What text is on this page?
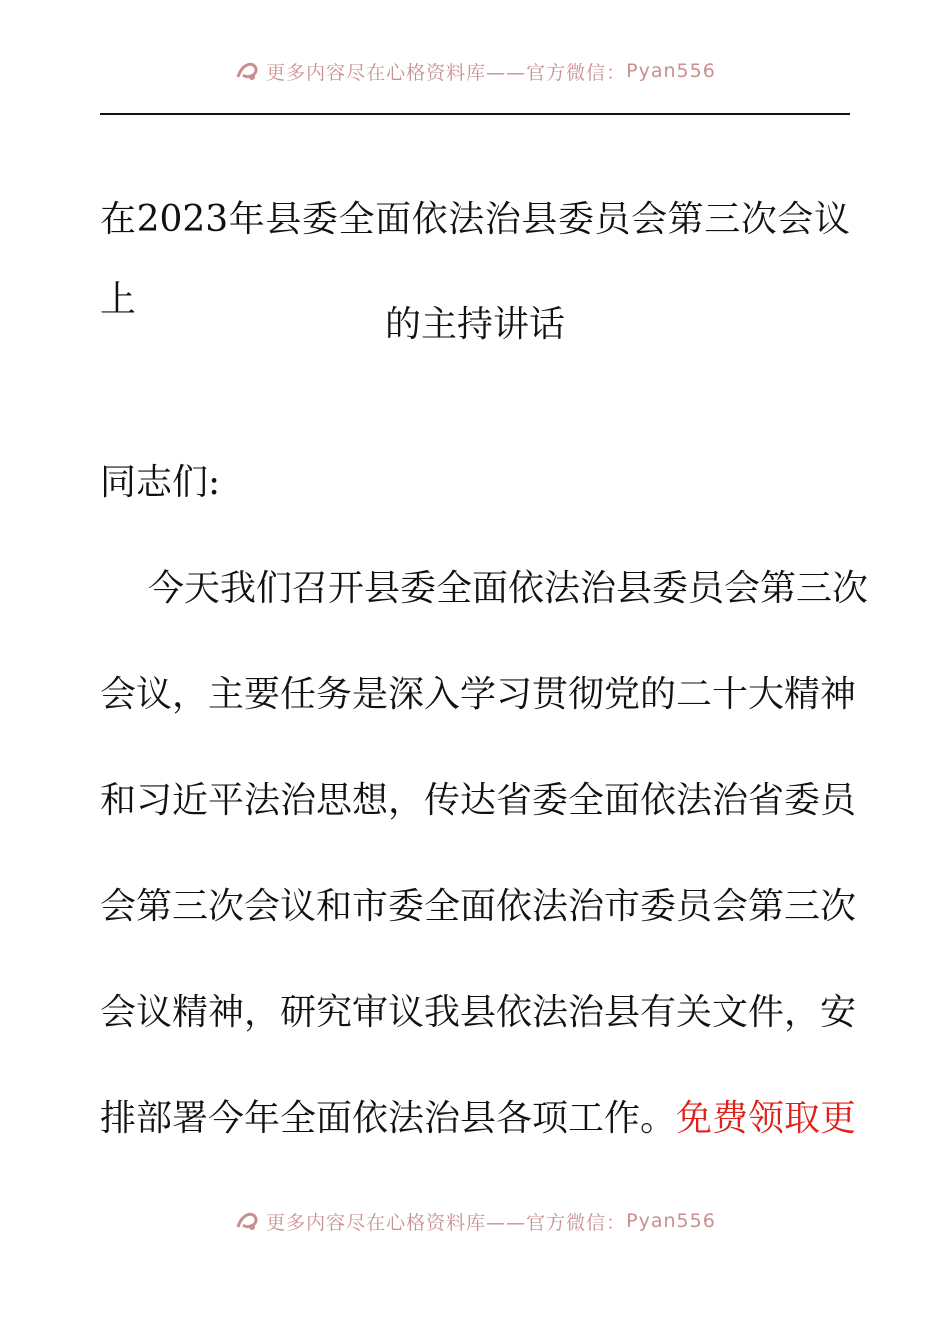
更多内容尽在心格资料库——官方微信： Pyan556
在2023年县委全面依法治县委员会第三次会议上
的主持讲话
同志们:
今天我们召开县委全面依法治县委员会第三次
会议，主要任务是深入学习贯彻党的二十大精神
和习近平法治思想，传达省委全面依法治省委员
会第三次会议和市委全面依法治市委员会第三次
会议精神，研究审议我县依法治县有关文件，安
排部署今年全面依法治县各项工作。免费领取更
更多内容尽在心格资料库——官方微信： Pyan556
